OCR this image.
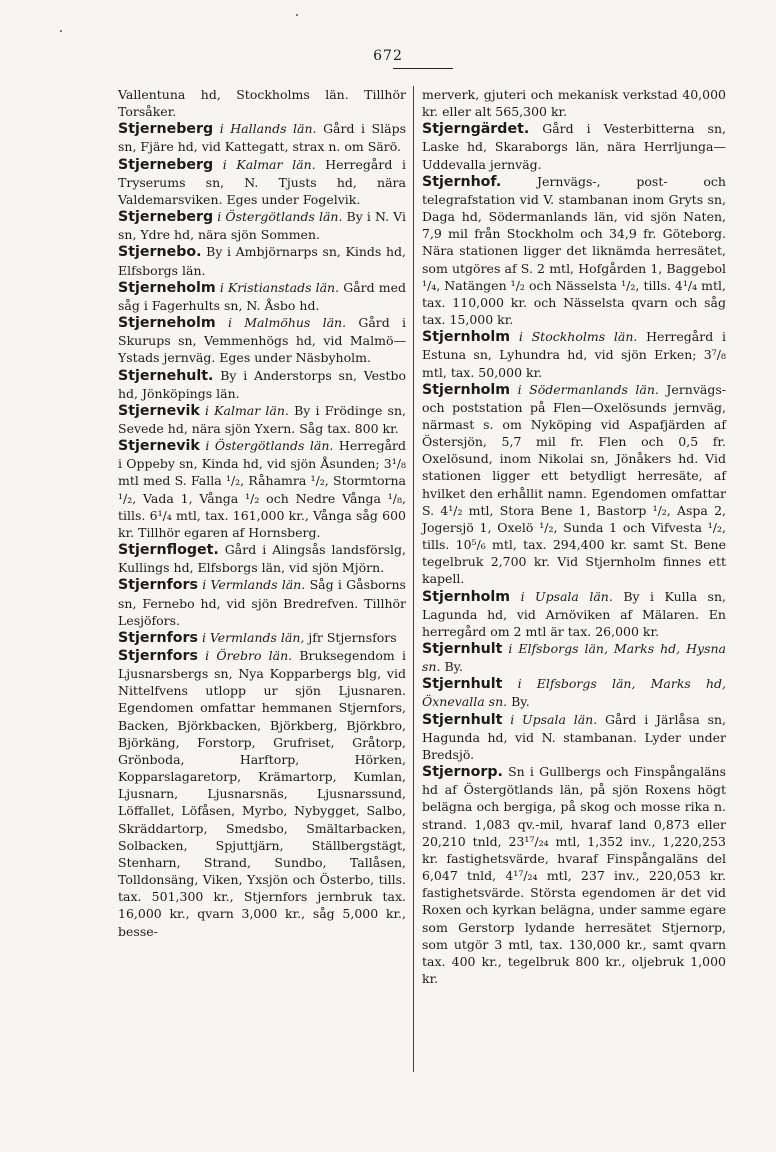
672

Vallentuna hd, Stockholms län. Tillhör Torsåker.

Stjerneberg i Hallands län. Gård i Släps sn, Fjäre hd, vid Kattegatt, strax n. om Särö.

Stjerneberg i Kalmar län. Herregård i Tryserums sn, N. Tjusts hd, nära Valdemarsviken. Eges under Fogelvik.

Stjerneberg i Östergötlands län. By i N. Vi sn, Ydre hd, nära sjön Sommen.

Stjernebo. By i Ambjörnarps sn, Kinds hd, Elfsborgs län.

Stjerneholm i Kristianstads län. Gård med såg i Fagerhults sn, N. Åsbo hd.

Stjerneholm i Malmöhus län. Gård i Skurups sn, Vemmenhögs hd, vid Malmö—Ystads jernväg. Eges under Näsbyholm.

Stjernehult. By i Anderstorps sn, Vestbo hd, Jönköpings län.

Stjernevik i Kalmar län. By i Frödinge sn, Sevede hd, nära sjön Yxern. Såg tax. 800 kr.

Stjernevik i Östergötlands län. Herregård i Oppeby sn, Kinda hd, vid sjön Åsunden; 3¹/₈ mtl med S. Falla ¹/₂, Råhamra ¹/₂, Stormtorna ¹/₂, Vada 1, Vånga ¹/₂ och Nedre Vånga ¹/₈, tills. 6¹/₄ mtl, tax. 161,000 kr., Vånga såg 600 kr. Tillhör egaren af Hornsberg.

Stjernfloget. Gård i Alingsås landsförslg, Kullings hd, Elfsborgs län, vid sjön Mjörn.

Stjernfors i Vermlands län. Såg i Gåsborns sn, Fernebo hd, vid sjön Bredrefven. Tillhör Lesjöfors.

Stjernfors i Vermlands län, jfr Stjernsfors

Stjernfors i Örebro län. Bruksegendom i Ljusnarsbergs sn, Nya Kopparbergs blg, vid Nittelfvens utlopp ur sjön Ljusnaren. Egendomen omfattar hemmanen Stjernfors, Backen, Björkbacken, Björkberg, Björkbro, Björkäng, Forstorp, Grufriset, Gråtorp, Grönboda, Harftorp, Hörken, Kopparslagaretorp, Krämartorp, Kumlan, Ljusnarn, Ljusnarsnäs, Ljusnarssund, Löffallet, Löfåsen, Myrbo, Nybygget, Salbo, Skräddartorp, Smedsbo, Smältarbacken, Solbacken, Spjuttjärn, Ställbergstägt, Stenharn, Strand, Sundbo, Tallåsen, Tolldonsäng, Viken, Yxsjön och Österbo, tills. tax. 501,300 kr., Stjernfors jernbruk tax. 16,000 kr., qvarn 3,000 kr., såg 5,000 kr., besse-

merverk, gjuteri och mekanisk verkstad 40,000 kr. eller alt 565,300 kr.

Stjerngärdet. Gård i Vesterbitterna sn, Laske hd, Skaraborgs län, nära Herrljunga—Uddevalla jernväg.

Stjernhof.	Jernvägs-, post- och telegrafstation vid V. stambanan inom Gryts sn, Daga hd, Södermanlands län, vid sjön Naten, 7,9 mil från Stockholm och 34,9 fr. Göteborg. Nära stationen ligger det liknämda herresätet, som utgöres af S. 2 mtl, Hofgården 1, Baggebol ¹/₄, Natängen ¹/₂ och Nässelsta ¹/₂, tills. 4¹/₄ mtl, tax. 110,000 kr. och Nässelsta qvarn och såg tax. 15,000 kr.

Stjernholm i Stockholms län. Herregård i Estuna sn, Lyhundra hd, vid sjön Erken; 3⁷/₈ mtl, tax. 50,000 kr.

Stjernholm i Södermanlands län. Jernvägs- och poststation på Flen—Oxelösunds jernväg, närmast s. om Nyköping vid Aspafjärden af Östersjön, 5,7 mil fr. Flen och 0,5 fr. Oxelösund, inom Nikolai sn, Jönåkers hd. Vid stationen ligger ett betydligt herresäte, af hvilket den erhållit namn. Egendomen omfattar S. 4¹/₂ mtl, Stora Bene 1, Bastorp ¹/₂, Aspa 2, Jogersjö 1, Oxelö ¹/₂, Sunda 1 och Vifvesta ¹/₂, tills. 10⁵/₆ mtl, tax. 294,400 kr. samt St. Bene tegelbruk 2,700 kr. Vid Stjernholm finnes ett kapell.

Stjernholm i Upsala län. By i Kulla sn, Lagunda hd, vid Arnöviken af Mälaren. En herregård om 2 mtl är tax. 26,000 kr.

Stjernhult i Elfsborgs län, Marks hd, Hysna sn. By.

Stjernhult i Elfsborgs län, Marks hd, Öxnevalla sn. By.

Stjernhult i Upsala län. Gård i Järlåsa sn, Hagunda hd, vid N. stambanan. Lyder under Bredsjö.

Stjernorp. Sn i Gullbergs och Finspångaläns hd af Östergötlands län, på sjön Roxens högt belägna och bergiga, på skog och mosse rika n. strand. 1,083 qv.-mil, hvaraf land 0,873 eller 20,210 tnld, 23¹⁷/₂₄ mtl, 1,352 inv., 1,220,253 kr. fastighetsvärde, hvaraf Finspångaläns del 6,047 tnld, 4¹⁷/₂₄ mtl, 237 inv., 220,053 kr. fastighetsvärde. Största egendomen är det vid Roxen och kyrkan belägna, under samme egare som Gerstorp lydande herresätet Stjernorp, som utgör 3 mtl, tax. 130,000 kr., samt qvarn tax. 400 kr., tegelbruk 800 kr., oljebruk 1,000 kr.
